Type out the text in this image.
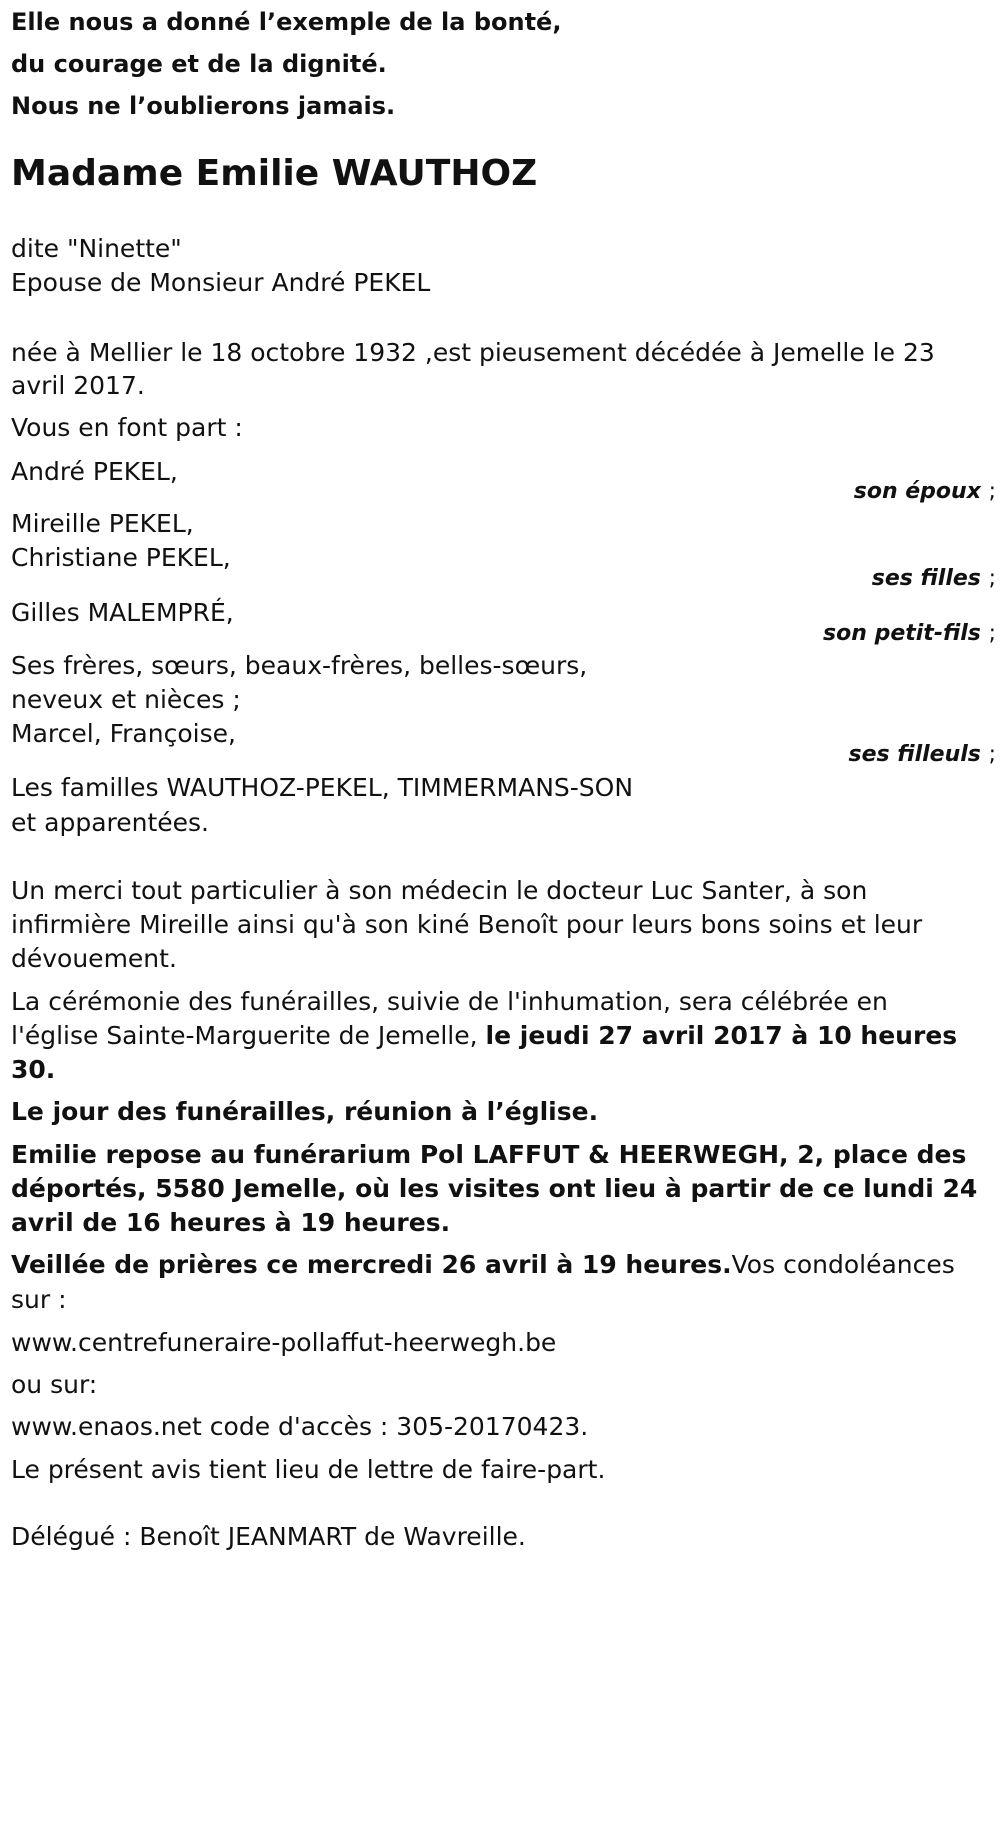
Elle nous a donné l’exemple de la bonté,
du courage et de la dignité.
Nous ne l’oublierons jamais.
Madame Emilie WAUTHOZ
dite "Ninette"
Epouse de Monsieur André PEKEL
née à Mellier le 18 octobre 1932 ,est pieusement décédée à Jemelle le 23
avril 2017.
Vous en font part :
André PEKEL,
son époux ;
Mireille PEKEL,
Christiane PEKEL,
ses filles ;
Gilles MALEMPRÉ,
son petit-fils ;
Ses frères, sœurs, beaux-frères, belles-sœurs,
neveux et nièces ;
Marcel, Françoise,
ses filleuls ;
Les familles WAUTHOZ-PEKEL, TIMMERMANS-SON
et apparentées.
Un merci tout particulier à son médecin le docteur Luc Santer, à son
infirmière Mireille ainsi qu'à son kiné Benoît pour leurs bons soins et leur
dévouement.
La cérémonie des funérailles, suivie de l'inhumation, sera célébrée en
l'église Sainte-Marguerite de Jemelle, le jeudi 27 avril 2017 à 10 heures
30.
Le jour des funérailles, réunion à l’église.
Emilie repose au funérarium Pol LAFFUT & HEERWEGH, 2, place des
déportés, 5580 Jemelle, où les visites ont lieu à partir de ce lundi 24
avril de 16 heures à 19 heures.
Veillée de prières ce mercredi 26 avril à 19 heures.Vos condoléances
sur :
www.centrefuneraire-pollaffut-heerwegh.be
ou sur:
www.enaos.net code d'accès : 305-20170423.
Le présent avis tient lieu de lettre de faire-part.
Délégué : Benoît JEANMART de Wavreille.
